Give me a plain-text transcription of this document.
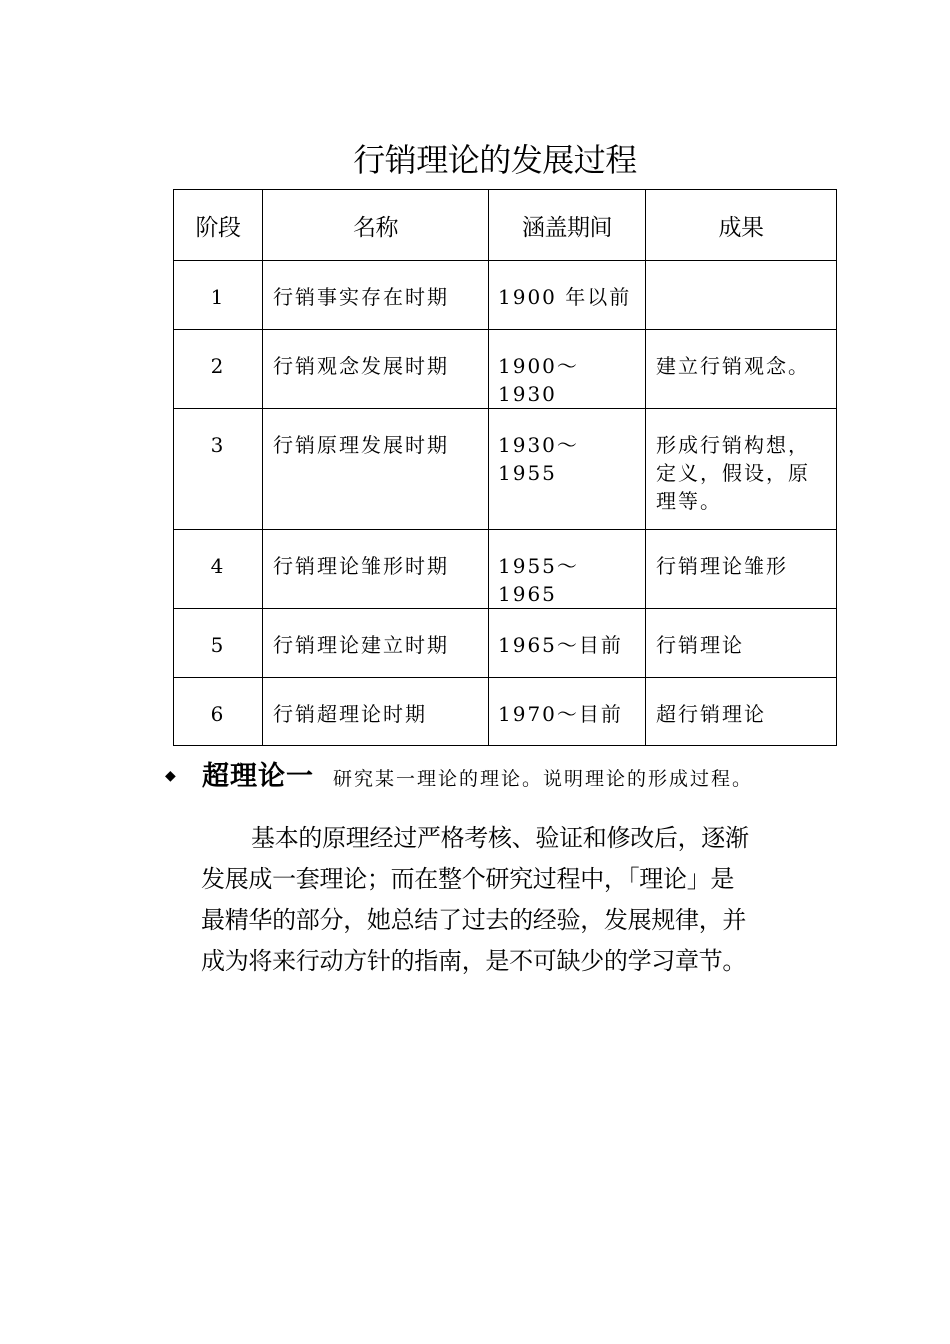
行销理论的发展过程
阶段	名称	涵盖期间	成果

1	行销事实存在时期	1900 年以前	

2	行销观念发展时期	1900～1930	建立行销观念。

3	行销原理发展时期	1930～1955	形成行销构想，定义，假设，原理等。

4	行销理论雏形时期	1955～1965	行销理论雏形

5	行销理论建立时期	1965～目前	行销理论

6	行销超理论时期	1970～目前	超行销理论
◆ 超理论一 研究某一理论的理论。说明理论的形成过程。
基本的原理经过严格考核、验证和修改后，逐渐
发展成一套理论；而在整个研究过程中，「理论」是
最精华的部分，她总结了过去的经验，发展规律，并
成为将来行动方针的指南，是不可缺少的学习章节。
